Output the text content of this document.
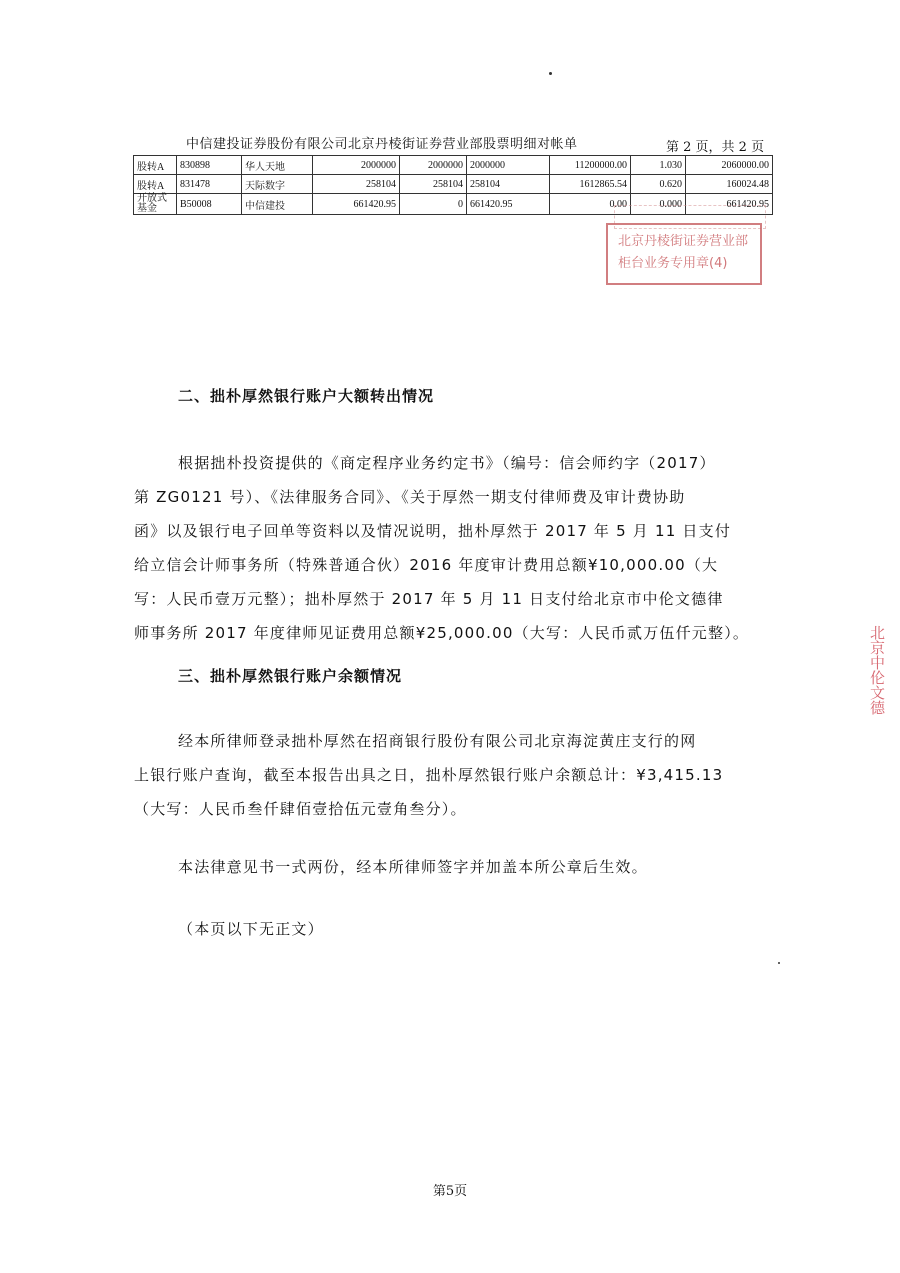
中信建投证券股份有限公司北京丹棱街证券营业部股票明细对帐单	第 2 页，共 2 页
股转A	830898	华人天地	2000000	2000000	2000000	11200000.00	1.030	2060000.00
股转A	831478	天际数字	258104	258104	258104	1612865.54	0.620	160024.48
开放式基金	B50008	中信建投	661420.95	0	661420.95	0.00	0.000	661420.95
北京丹棱街证券营业部
柜台业务专用章(4)
二、拙朴厚然银行账户大额转出情况
根据拙朴投资提供的《商定程序业务约定书》（编号：信会师约字（2017）
第 ZG0121 号）、《法律服务合同》、《关于厚然一期支付律师费及审计费协助
函》以及银行电子回单等资料以及情况说明，拙朴厚然于 2017 年 5 月 11 日支付
给立信会计师事务所（特殊普通合伙）2016 年度审计费用总额¥10,000.00（大
写：人民币壹万元整）；拙朴厚然于 2017 年 5 月 11 日支付给北京市中伦文德律
师事务所 2017 年度律师见证费用总额¥25,000.00（大写：人民币贰万伍仟元整）。
三、拙朴厚然银行账户余额情况
经本所律师登录拙朴厚然在招商银行股份有限公司北京海淀黄庄支行的网
上银行账户查询，截至本报告出具之日，拙朴厚然银行账户余额总计：¥3,415.13
（大写：人民币叁仟肆佰壹拾伍元壹角叁分）。
本法律意见书一式两份，经本所律师签字并加盖本所公章后生效。
（本页以下无正文）
北京中伦文德
第5页
